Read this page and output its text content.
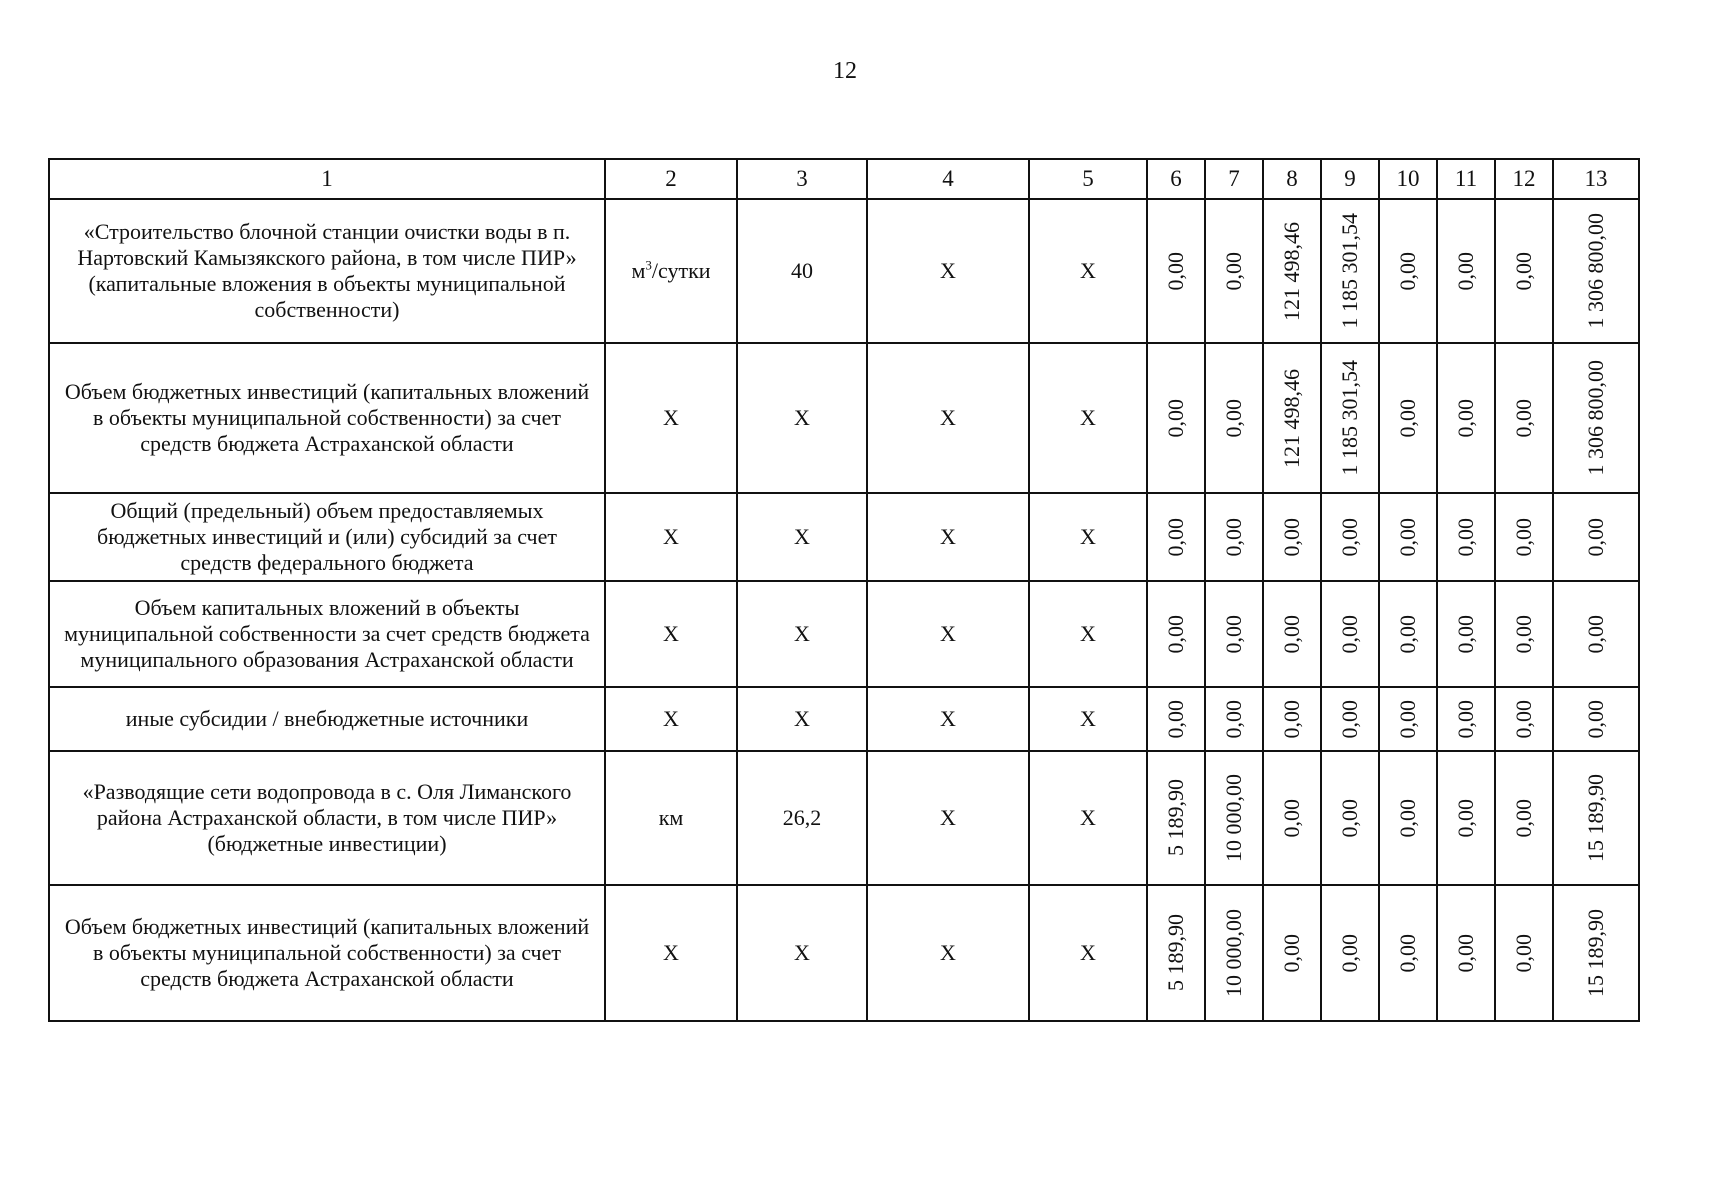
12
1	2	3	4	5	6	7	8	9	10	11	12	13

«Строительство блочной станции очистки воды в п. Нартовский Камызякского района, в том числе ПИР»
(капитальные вложения в объекты муниципальной собственности)	$м^3$/сутки	40	Х	Х	0,00	0,00	121 498,46	1 185 301,54	0,00	0,00	0,00	1 306 800,00

Объем бюджетных инвестиций (капитальных вложений в объекты муниципальной собственности) за счет средств бюджета Астраханской области	Х	Х	Х	Х	0,00	0,00	121 498,46	1 185 301,54	0,00	0,00	0,00	1 306 800,00

Общий (предельный) объем предоставляемых бюджетных инвестиций и (или) субсидий за счет средств федерального бюджета	Х	Х	Х	Х	0,00	0,00	0,00	0,00	0,00	0,00	0,00	0,00

Объем капитальных вложений в объекты муниципальной собственности за счет средств бюджета муниципального образования Астраханской области	Х	Х	Х	Х	0,00	0,00	0,00	0,00	0,00	0,00	0,00	0,00

иные субсидии / внебюджетные источники	Х	Х	Х	Х	0,00	0,00	0,00	0,00	0,00	0,00	0,00	0,00

«Разводящие сети водопровода в с. Оля Лиманского района Астраханской области, в том числе ПИР»
(бюджетные инвестиции)	км	26,2	Х	Х	5 189,90	10 000,00	0,00	0,00	0,00	0,00	0,00	15 189,90

Объем бюджетных инвестиций (капитальных вложений в объекты муниципальной собственности) за счет средств бюджета Астраханской области	Х	Х	Х	Х	5 189,90	10 000,00	0,00	0,00	0,00	0,00	0,00	15 189,90
